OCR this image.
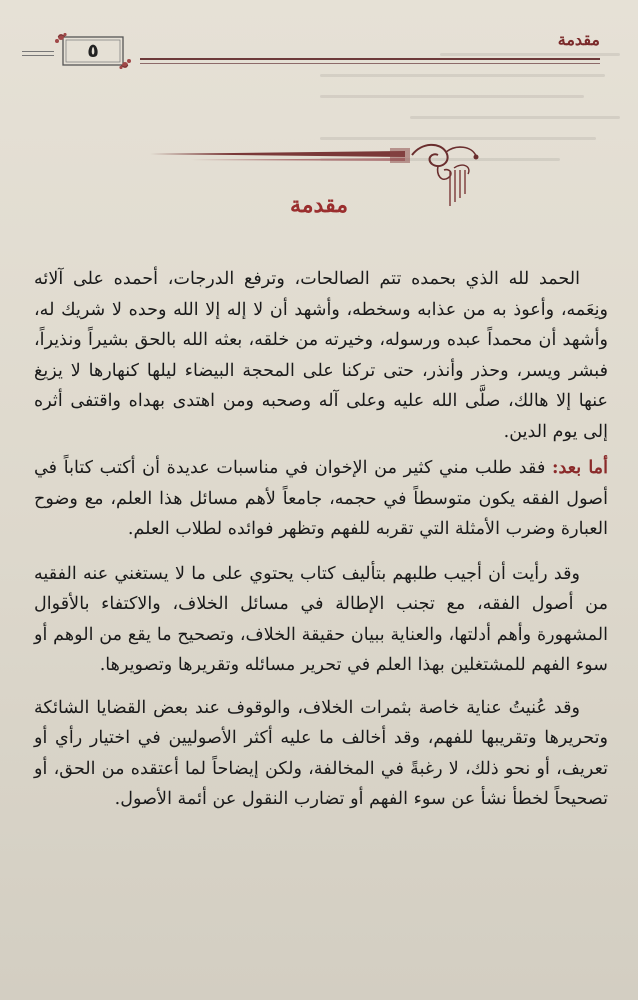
مقدمة
٥
مقدمة

الحمد لله الذي بحمده تتم الصالحات، وترفع الدرجات، أحمده على آلائه ونِعَمه، وأعوذ به من عذابه وسخطه، وأشهد أن لا إله إلا الله وحده لا شريك له، وأشهد أن محمداً عبده ورسوله، وخيرته من خلقه، بعثه الله بالحق بشيراً ونذيراً، فبشر ويسر، وحذر وأنذر، حتى تركنا على المحجة البيضاء ليلها كنهارها لا يزيغ عنها إلا هالك، صلَّى الله عليه وعلى آله وصحبه ومن اهتدى بهداه واقتفى أثره إلى يوم الدين.

أما بعد: فقد طلب مني كثير من الإخوان في مناسبات عديدة أن أكتب كتاباً في أصول الفقه يكون متوسطاً في حجمه، جامعاً لأهم مسائل هذا العلم، مع وضوح العبارة وضرب الأمثلة التي تقربه للفهم وتظهر فوائده لطلاب العلم.

وقد رأيت أن أجيب طلبهم بتأليف كتاب يحتوي على ما لا يستغني عنه الفقيه من أصول الفقه، مع تجنب الإطالة في مسائل الخلاف، والاكتفاء بالأقوال المشهورة وأهم أدلتها، والعناية ببيان حقيقة الخلاف، وتصحيح ما يقع من الوهم أو سوء الفهم للمشتغلين بهذا العلم في تحرير مسائله وتقريرها وتصويرها.

وقد عُنيتُ عناية خاصة بثمرات الخلاف، والوقوف عند بعض القضايا الشائكة وتحريرها وتقريبها للفهم، وقد أخالف ما عليه أكثر الأصوليين في اختيار رأي أو تعريف، أو نحو ذلك، لا رغبةً في المخالفة، ولكن إيضاحاً لما أعتقده من الحق، أو تصحيحاً لخطأ نشأ عن سوء الفهم أو تضارب النقول عن أئمة الأصول.
